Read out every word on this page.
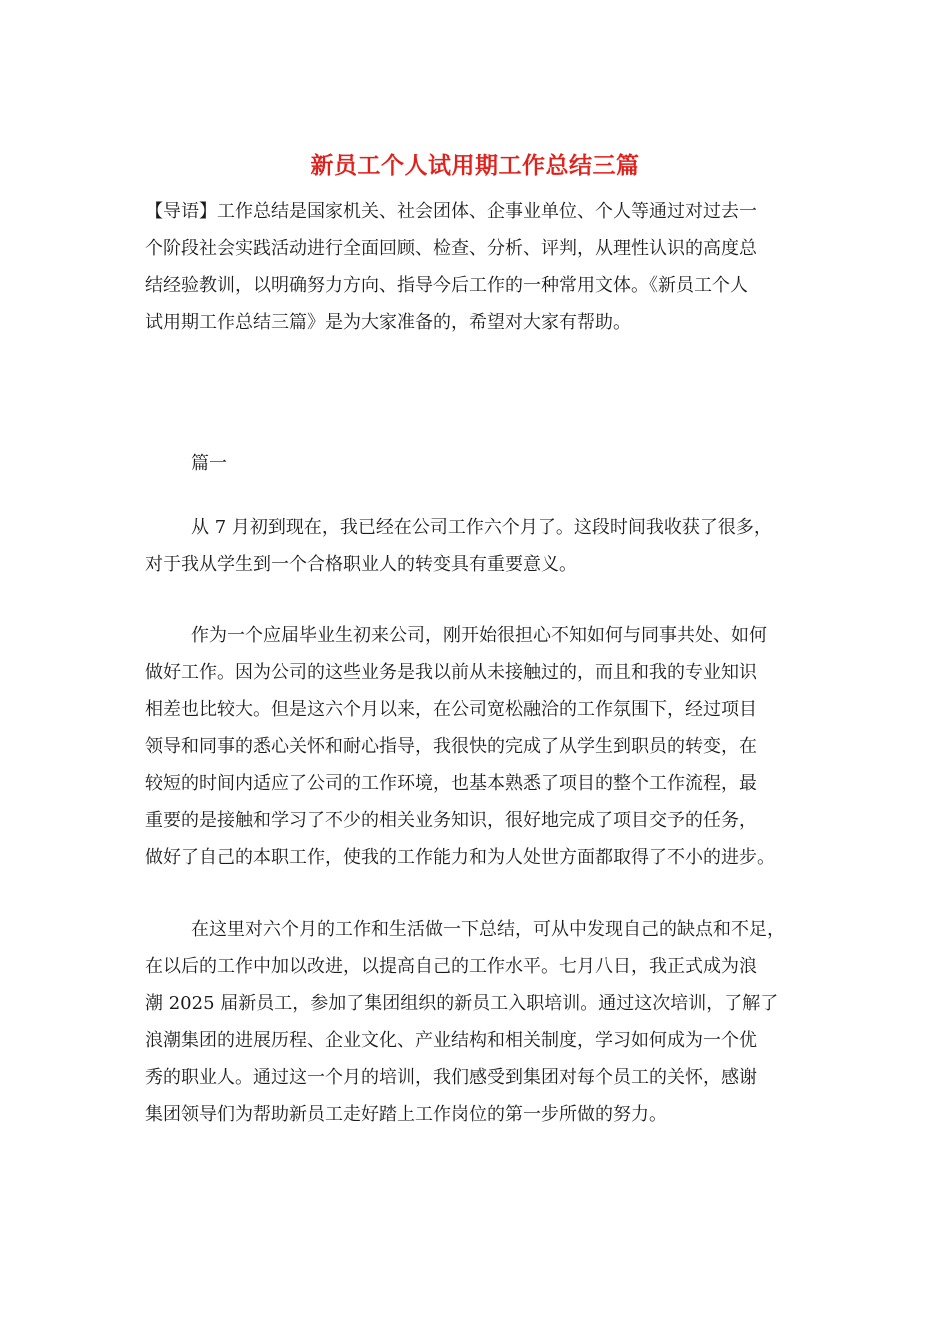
新员工个人试用期工作总结三篇
【导语】工作总结是国家机关、社会团体、企事业单位、个人等通过对过去一
个阶段社会实践活动进行全面回顾、检查、分析、评判，从理性认识的高度总
结经验教训，以明确努力方向、指导今后工作的一种常用文体。《新员工个人
试用期工作总结三篇》是为大家准备的，希望对大家有帮助。
篇一
从 7 月初到现在，我已经在公司工作六个月了。这段时间我收获了很多，
对于我从学生到一个合格职业人的转变具有重要意义。
作为一个应届毕业生初来公司，刚开始很担心不知如何与同事共处、如何
做好工作。因为公司的这些业务是我以前从未接触过的，而且和我的专业知识
相差也比较大。但是这六个月以来，在公司宽松融洽的工作氛围下，经过项目
领导和同事的悉心关怀和耐心指导，我很快的完成了从学生到职员的转变，在
较短的时间内适应了公司的工作环境，也基本熟悉了项目的整个工作流程，最
重要的是接触和学习了不少的相关业务知识，很好地完成了项目交予的任务，
做好了自己的本职工作，使我的工作能力和为人处世方面都取得了不小的进步。
在这里对六个月的工作和生活做一下总结，可从中发现自己的缺点和不足，
在以后的工作中加以改进，以提高自己的工作水平。七月八日，我正式成为浪
潮 2025 届新员工，参加了集团组织的新员工入职培训。通过这次培训，了解了
浪潮集团的进展历程、企业文化、产业结构和相关制度，学习如何成为一个优
秀的职业人。通过这一个月的培训，我们感受到集团对每个员工的关怀，感谢
集团领导们为帮助新员工走好踏上工作岗位的第一步所做的努力。
